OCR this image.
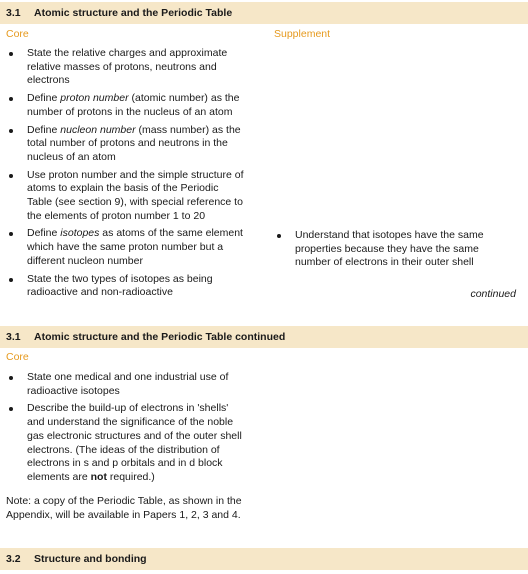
3.1 Atomic structure and the Periodic Table
Core	Supplement
State the relative charges and approximate relative masses of protons, neutrons and electrons
Define proton number (atomic number) as the number of protons in the nucleus of an atom
Define nucleon number (mass number) as the total number of protons and neutrons in the nucleus of an atom
Use proton number and the simple structure of atoms to explain the basis of the Periodic Table (see section 9), with special reference to the elements of proton number 1 to 20
Define isotopes as atoms of the same element which have the same proton number but a different nucleon number
State the two types of isotopes as being radioactive and non-radioactive
Understand that isotopes have the same properties because they have the same number of electrons in their outer shell
continued
3.1 Atomic structure and the Periodic Table continued
Core
State one medical and one industrial use of radioactive isotopes
Describe the build-up of electrons in 'shells' and understand the significance of the noble gas electronic structures and of the outer shell electrons. (The ideas of the distribution of electrons in s and p orbitals and in d block elements are not required.)
Note: a copy of the Periodic Table, as shown in the Appendix, will be available in Papers 1, 2, 3 and 4.
3.2 Structure and bonding
